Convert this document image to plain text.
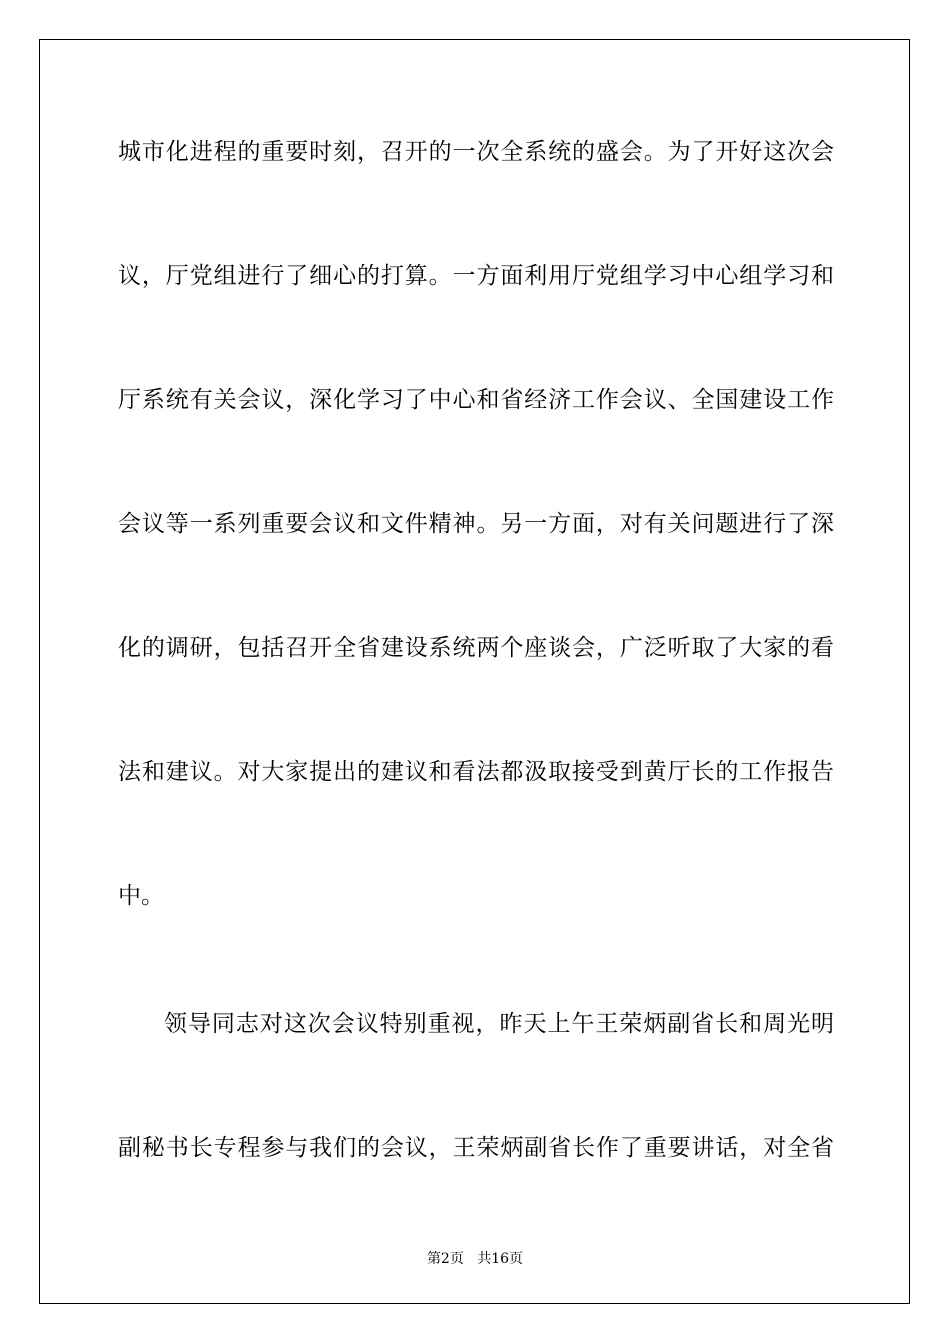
城市化进程的重要时刻，召开的一次全系统的盛会。为了开好这次会
议，厅党组进行了细心的打算。一方面利用厅党组学习中心组学习和
厅系统有关会议，深化学习了中心和省经济工作会议、全国建设工作
会议等一系列重要会议和文件精神。另一方面，对有关问题进行了深
化的调研，包括召开全省建设系统两个座谈会，广泛听取了大家的看
法和建议。对大家提出的建议和看法都汲取接受到黄厅长的工作报告
中。
领导同志对这次会议特别重视，昨天上午王荣炳副省长和周光明
副秘书长专程参与我们的会议，王荣炳副省长作了重要讲话，对全省
第2页 共16页
